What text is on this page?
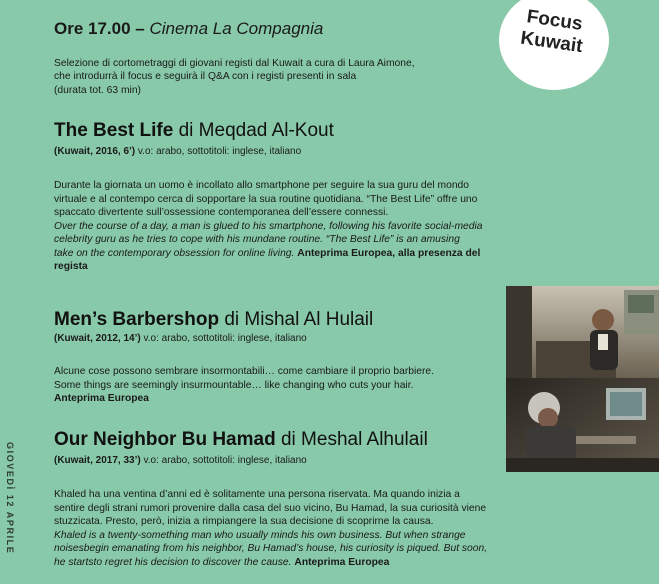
GIOVEDÌ 12 APRILE
Focus
Kuwait
Ore 17.00 – Cinema La Compagnia
Selezione di cortometraggi di giovani registi dal Kuwait a cura di Laura Aimone,
che introdurrà il focus e seguirà il Q&A con i registi presenti in sala
(durata tot. 63 min)
The Best Life di Meqdad Al-Kout
(Kuwait, 2016, 6’) v.o: arabo, sottotitoli: inglese, italiano

Durante la giornata un uomo è incollato allo smartphone per seguire la sua guru del mondo

virtuale e al contempo cerca di sopportare la sua routine quotidiana. “The Best Life” offre uno

spaccato divertente sull’ossessione contemporanea dell’essere connessi.

Over the course of a day, a man is glued to his smartphone, following his favorite social-media

celebrity guru as he tries to cope with his mundane routine. “The Best Life” is an amusing

take on the contemporary obsession for online living. Anteprima Europea, alla presenza del

regista

Men’s Barbershop di Mishal Al Hulail
(Kuwait, 2012, 14’) v.o: arabo, sottotitoli: inglese, italiano

Alcune cose possono sembrare insormontabili… come cambiare il proprio barbiere.

Some things are seemingly insurmountable… like changing who cuts your hair.

Anteprima Europea

Our Neighbor Bu Hamad di Meshal Alhulail
(Kuwait, 2017, 33’) v.o: arabo, sottotitoli: inglese, italiano

Khaled ha una ventina d’anni ed è solitamente una persona riservata. Ma quando inizia a

sentire degli strani rumori provenire dalla casa del suo vicino, Bu Hamad, la sua curiosità viene

stuzzicata. Presto, però, inizia a rimpiangere la sua decisione di scoprirne la causa.

Khaled is a twenty-something man who usually minds his own business. But when strange

noisesbegin emanating from his neighbor, Bu Hamad’s house, his curiosity is piqued. But soon,

he startsto regret his decision to discover the cause. Anteprima Europea
